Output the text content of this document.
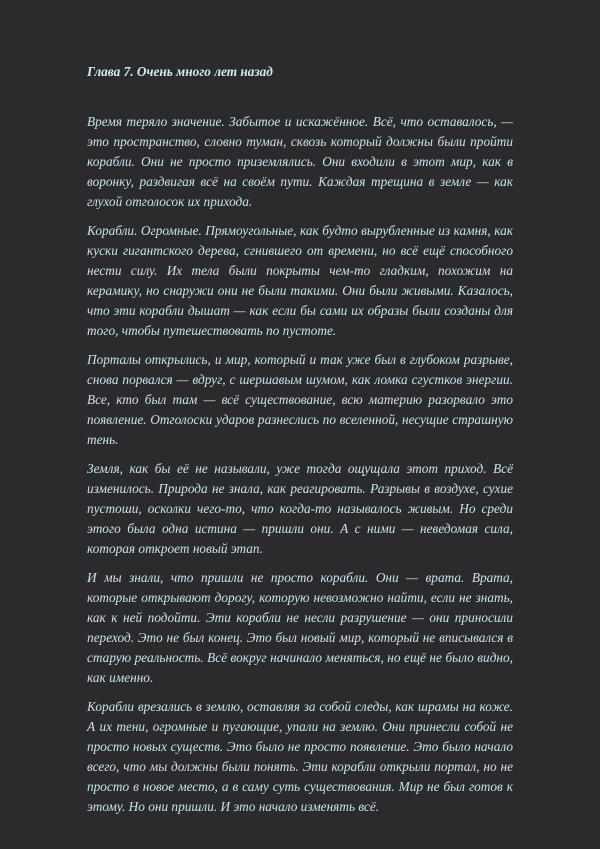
Глава 7. Очень много лет назад

Время теряло значение. Забытое и искажённое. Всё, что оставалось, — это пространство, словно туман, сквозь который должны были пройти корабли. Они не просто приземлялись. Они входили в этот мир, как в воронку, раздвигая всё на своём пути. Каждая трещина в земле — как глухой отголосок их прихода.

Корабли. Огромные. Прямоугольные, как будто вырубленные из камня, как куски гигантского дерева, сгнившего от времени, но всё ещё способного нести силу. Их тела были покрыты чем-то гладким, похожим на керамику, но снаружи они не были такими. Они были живыми. Казалось, что эти корабли дышат — как если бы сами их образы были созданы для того, чтобы путешествовать по пустоте.

Порталы открылись, и мир, который и так уже был в глубоком разрыве, снова порвался — вдруг, с шершавым шумом, как ломка сгустков энергии. Все, кто был там — всё существование, всю материю разорвало это появление. Отголоски ударов разнеслись по вселенной, несущие страшную тень.

Земля, как бы её не называли, уже тогда ощущала этот приход. Всё изменилось. Природа не знала, как реагировать. Разрывы в воздухе, сухие пустоши, осколки чего-то, что когда-то называлось живым. Но среди этого была одна истина — пришли они. А с ними — неведомая сила, которая откроет новый этап.

И мы знали, что пришли не просто корабли. Они — врата. Врата, которые открывают дорогу, которую невозможно найти, если не знать, как к ней подойти. Эти корабли не несли разрушение — они приносили переход. Это не был конец. Это был новый мир, который не вписывался в старую реальность. Всё вокруг начинало меняться, но ещё не было видно, как именно.

Корабли врезались в землю, оставляя за собой следы, как шрамы на коже. А их тени, огромные и пугающие, упали на землю. Они принесли собой не просто новых существ. Это было не просто появление. Это было начало всего, что мы должны были понять. Эти корабли открыли портал, но не просто в новое место, а в саму суть существования. Мир не был готов к этому. Но они пришли. И это начало изменять всё.
